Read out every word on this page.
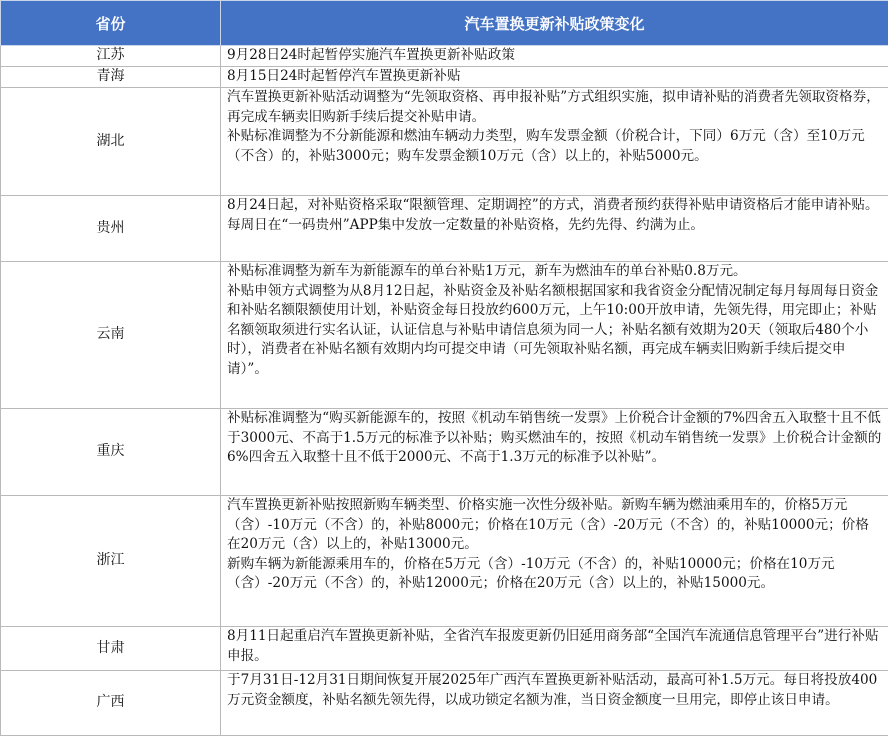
省份	汽车置换更新补贴政策变化
江苏	9月28日24时起暂停实施汽车置换更新补贴政策

青海	8月15日24时起暂停汽车置换更新补贴

湖北	汽车置换更新补贴活动调整为“先领取资格、再申报补贴”方式组织实施，拟申请补贴的消费者先领取资格券，再完成车辆卖旧购新手续后提交补贴申请。
补贴标准调整为不分新能源和燃油车辆动力类型，购车发票金额（价税合计，下同）6万元（含）至10万元（不含）的，补贴3000元；购车发票金额10万元（含）以上的，补贴5000元。

贵州	8月24日起，对补贴资格采取“限额管理、定期调控”的方式，消费者预约获得补贴申请资格后才能申请补贴。每周日在“一码贵州”APP集中发放一定数量的补贴资格，先约先得、约满为止。

云南	补贴标准调整为新车为新能源车的单台补贴1万元，新车为燃油车的单台补贴0.8万元。
补贴申领方式调整为从8月12日起，补贴资金及补贴名额根据国家和我省资金分配情况制定每月每周每日资金和补贴名额限额使用计划，补贴资金每日投放约600万元，上午10:00开放申请，先领先得，用完即止；补贴名额领取须进行实名认证，认证信息与补贴申请信息须为同一人；补贴名额有效期为20天（领取后480个小时），消费者在补贴名额有效期内均可提交申请（可先领取补贴名额，再完成车辆卖旧购新手续后提交申请）”。

重庆	补贴标准调整为“购买新能源车的，按照《机动车销售统一发票》上价税合计金额的7%四舍五入取整十且不低于3000元、不高于1.5万元的标准予以补贴；购买燃油车的，按照《机动车销售统一发票》上价税合计金额的6%四舍五入取整十且不低于2000元、不高于1.3万元的标准予以补贴”。

浙江	汽车置换更新补贴按照新购车辆类型、价格实施一次性分级补贴。新购车辆为燃油乘用车的，价格5万元（含）-10万元（不含）的，补贴8000元；价格在10万元（含）-20万元（不含）的，补贴10000元；价格在20万元（含）以上的，补贴13000元。
新购车辆为新能源乘用车的，价格在5万元（含）-10万元（不含）的，补贴10000元；价格在10万元（含）-20万元（不含）的，补贴12000元；价格在20万元（含）以上的，补贴15000元。

甘肃	8月11日起重启汽车置换更新补贴，全省汽车报废更新仍旧延用商务部“全国汽车流通信息管理平台”进行补贴申报。

广西	于7月31日-12月31日期间恢复开展2025年广西汽车置换更新补贴活动，最高可补1.5万元。每日将投放400万元资金额度，补贴名额先领先得，以成功锁定名额为准，当日资金额度一旦用完，即停止该日申请。
